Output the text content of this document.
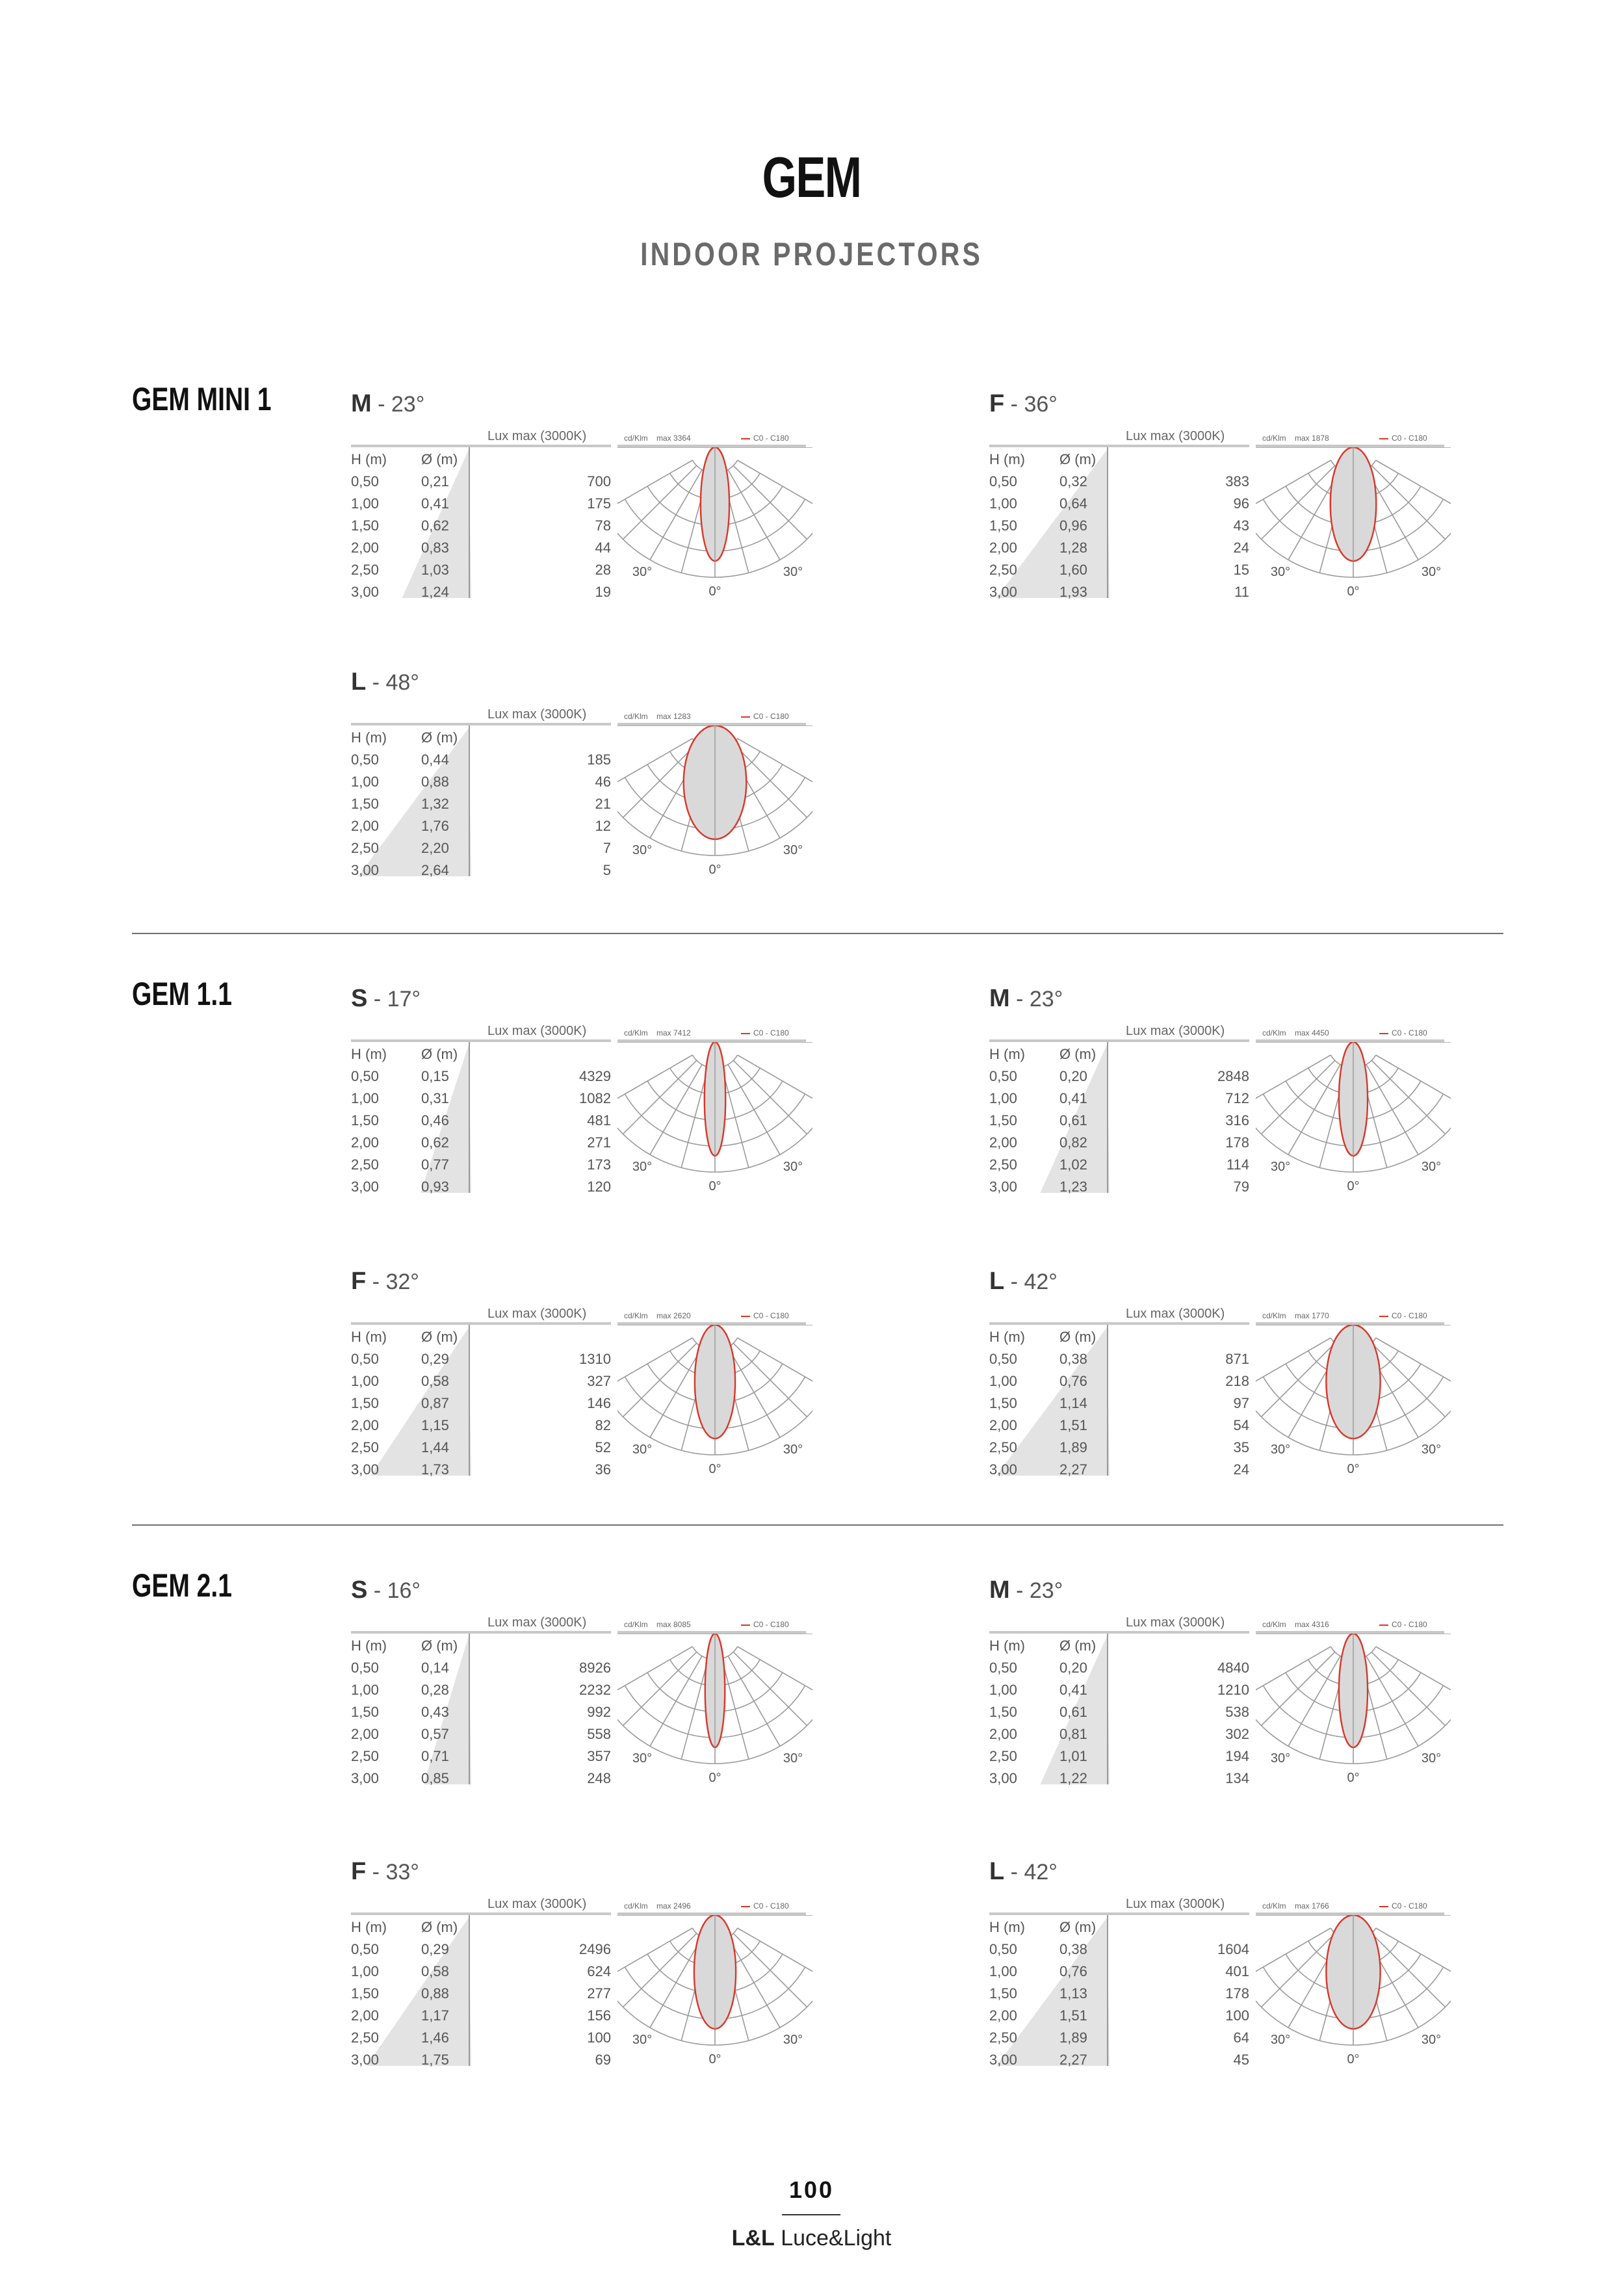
GEM
INDOOR PROJECTORS
GEM MINI 1
GEM 1.1
GEM 2.1
M - 23°
Lux max (3000K)	cd/Klm max 3364	C0 - C180
H (m) Ø (m)
0,50	0,21	700
1,00	0,41	175
1,50	0,62	78
2,00	0,83	44
2,50	1,03	28
3,00	1,24	19
30°	30°
0°
F - 36°
Lux max (3000K)	cd/Klm max 1878	C0 - C180
H (m) Ø (m)
0,50	0,32	383
1,00	0,64	96
1,50	0,96	43
2,00	1,28	24
2,50	1,60	15
3,00	1,93	11
30°	30°
0°
L - 48°
Lux max (3000K)	cd/Klm max 1283	C0 - C180
H (m) Ø (m)
0,50	0,44	185
1,00	0,88	46
1,50	1,32	21
2,00	1,76	12
2,50	2,20	7
3,00	2,64	5
30°	30°
0°
S - 17°
Lux max (3000K)	cd/Klm max 7412	C0 - C180
H (m) Ø (m)
0,50	0,15	4329
1,00	0,31	1082
1,50	0,46	481
2,00	0,62	271
2,50	0,77	173
3,00	0,93	120
30°	30°
0°
M - 23°
Lux max (3000K)	cd/Klm max 4450	C0 - C180
H (m) Ø (m)
0,50	0,20	2848
1,00	0,41	712
1,50	0,61	316
2,00	0,82	178
2,50	1,02	114
3,00	1,23	79
30°	30°
0°
F - 32°
Lux max (3000K)	cd/Klm max 2620	C0 - C180
H (m) Ø (m)
0,50	0,29	1310
1,00	0,58	327
1,50	0,87	146
2,00	1,15	82
2,50	1,44	52
3,00	1,73	36
30°	30°
0°
L - 42°
Lux max (3000K)	cd/Klm max 1770	C0 - C180
H (m) Ø (m)
0,50	0,38	871
1,00	0,76	218
1,50	1,14	97
2,00	1,51	54
2,50	1,89	35
3,00	2,27	24
30°	30°
0°
S - 16°
Lux max (3000K)	cd/Klm max 8085	C0 - C180
H (m) Ø (m)
0,50	0,14	8926
1,00	0,28	2232
1,50	0,43	992
2,00	0,57	558
2,50	0,71	357
3,00	0,85	248
30°	30°
0°
M - 23°
Lux max (3000K)	cd/Klm max 4316	C0 - C180
H (m) Ø (m)
0,50	0,20	4840
1,00	0,41	1210
1,50	0,61	538
2,00	0,81	302
2,50	1,01	194
3,00	1,22	134
30°	30°
0°
F - 33°
Lux max (3000K)	cd/Klm max 2496	C0 - C180
H (m) Ø (m)
0,50	0,29	2496
1,00	0,58	624
1,50	0,88	277
2,00	1,17	156
2,50	1,46	100
3,00	1,75	69
30°	30°
0°
L - 42°
Lux max (3000K)	cd/Klm max 1766	C0 - C180
H (m) Ø (m)
0,50	0,38	1604
1,00	0,76	401
1,50	1,13	178
2,00	1,51	100
2,50	1,89	64
3,00	2,27	45
30°	30°
0°
100
L&L Luce&Light
